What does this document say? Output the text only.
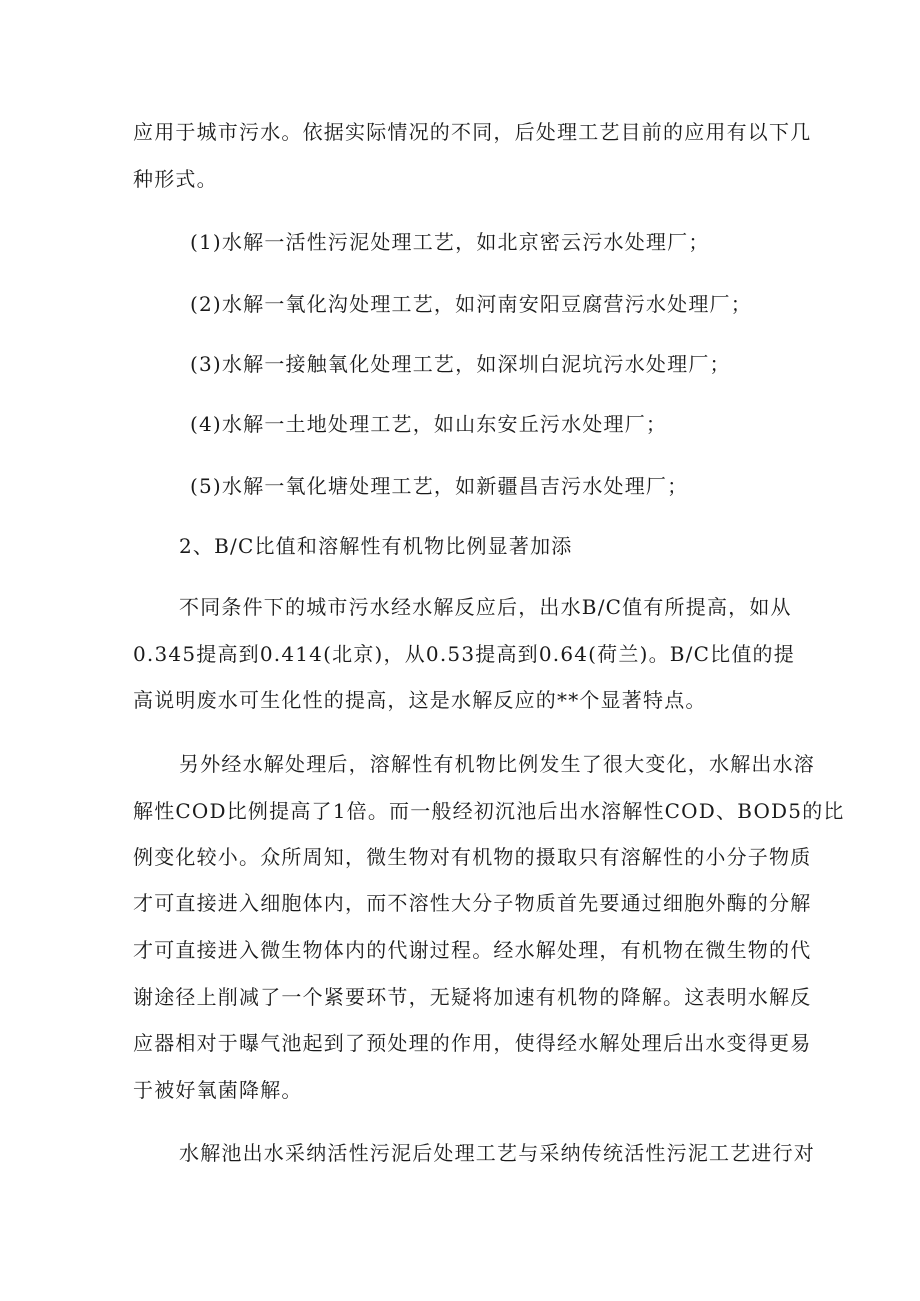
应用于城市污水。依据实际情况的不同，后处理工艺目前的应用有以下几

种形式。

(1)水解一活性污泥处理工艺，如北京密云污水处理厂；

(2)水解一氧化沟处理工艺，如河南安阳豆腐营污水处理厂；

(3)水解一接触氧化处理工艺，如深圳白泥坑污水处理厂；

(4)水解一土地处理工艺，如山东安丘污水处理厂；

(5)水解一氧化塘处理工艺，如新疆昌吉污水处理厂；

2、B/C比值和溶解性有机物比例显著加添

不同条件下的城市污水经水解反应后，出水B/C值有所提高，如从

0.345提高到0.414(北京)，从0.53提高到0.64(荷兰)。B/C比值的提

高说明废水可生化性的提高，这是水解反应的**个显著特点。

另外经水解处理后，溶解性有机物比例发生了很大变化，水解出水溶

解性COD比例提高了1倍。而一般经初沉池后出水溶解性COD、BOD5的比

例变化较小。众所周知，微生物对有机物的摄取只有溶解性的小分子物质

才可直接进入细胞体内，而不溶性大分子物质首先要通过细胞外酶的分解

才可直接进入微生物体内的代谢过程。经水解处理，有机物在微生物的代

谢途径上削减了一个紧要环节，无疑将加速有机物的降解。这表明水解反

应器相对于曝气池起到了预处理的作用，使得经水解处理后出水变得更易

于被好氧菌降解。

水解池出水采纳活性污泥后处理工艺与采纳传统活性污泥工艺进行对
